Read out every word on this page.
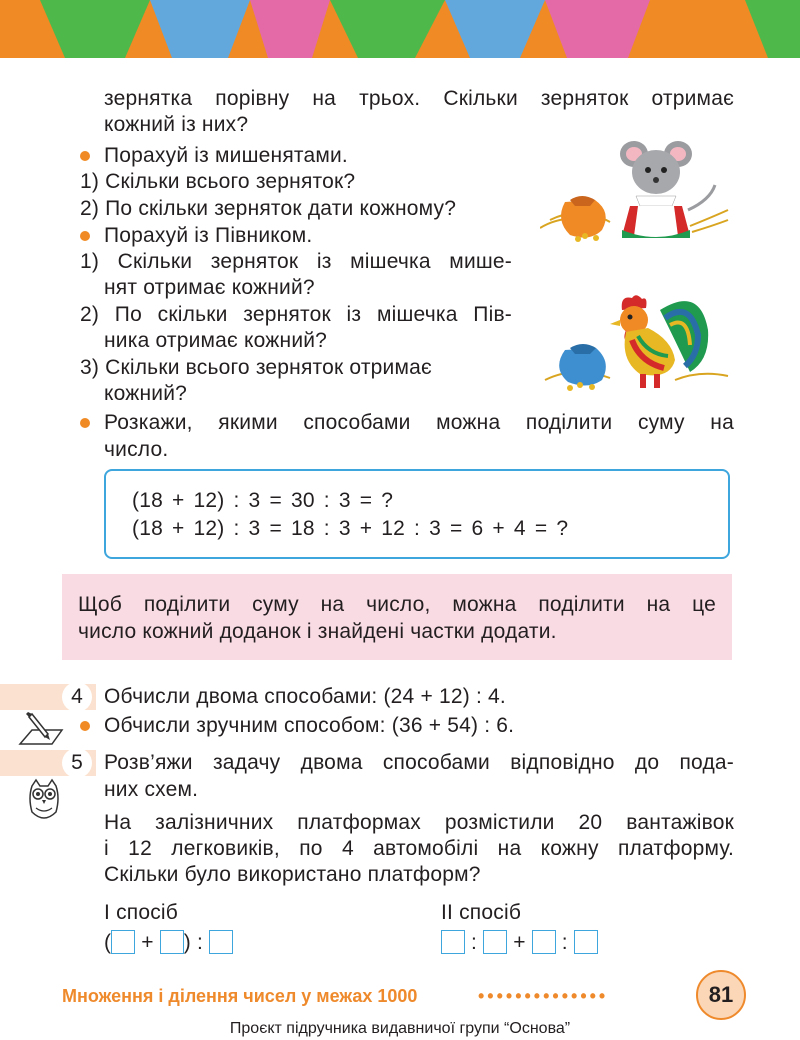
зернятка порівну на трьох. Скільки зерняток отримає
кожний із них?
Порахуй із мишенятами.
1) Скільки всього зерняток?
2) По скільки зерняток дати кожному?
Порахуй із Півником.
1) Скільки зерняток із мішечка мише-
нят отримає кожний?
2) По скільки зерняток із мішечка Пів-
ника отримає кожний?
3) Скільки всього зерняток отримає
кожний?
Розкажи, якими способами можна поділити суму на
число.
(18 + 12) : 3 = 30 : 3 = ?
(18 + 12) : 3 = 18 : 3 + 12 : 3 = 6 + 4 = ?
Щоб поділити суму на число, можна поділити на це
число кожний доданок і знайдені частки додати.
4	Обчисли двома способами: (24 + 12) : 4.
Обчисли зручним способом: (36 + 54) : 6.
5	Розв’яжи задачу двома способами відповідно до пода-
них схем.
На залізничних платформах розмістили 20 вантажівок
і 12 легковиків, по 4 автомобілі на кожну платформу.
Скільки було використано платформ?
І спосіб	ІІ спосіб
( + ) :	: + :
Множення і ділення чисел у межах 1000	••••••••••••••	81
Проєкт підручника видавничої групи “Основа”
